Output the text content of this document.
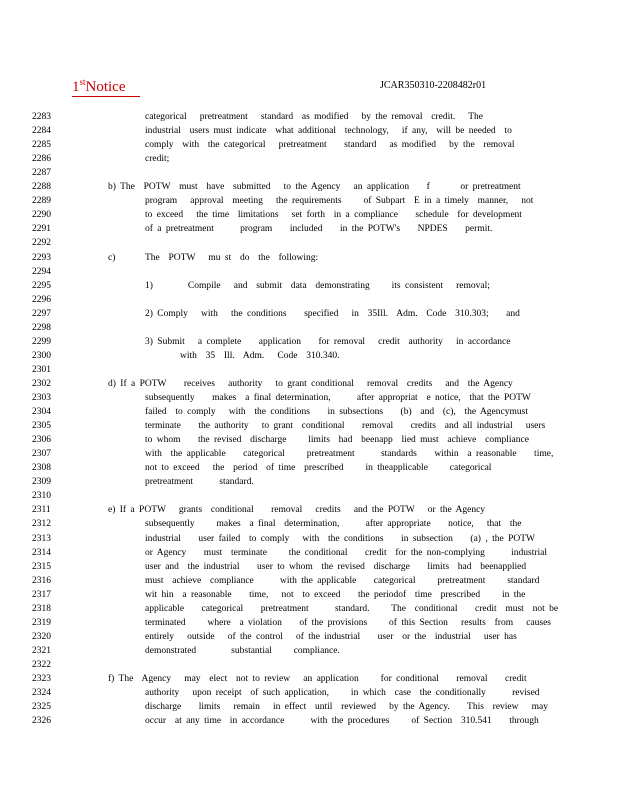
1stNotice	JCAR350310-2208482r01
2283	categorical   pretreatment   standard  as modified   by the removal  credit.   The
2284	industrial  users must indicate  what additional  technology,   if any,  will be needed  to
2285	comply  with  the categorical   pretreatment    standard   as modified   by the  removal
2286	credit;
2287
2288	b) The  POTW  must  have  submitted   to the Agency   an application    f       or pretreatment
2289	program   approval  meeting   the requirements     of Subpart  E in a timely  manner,   not
2290	to exceed   the time  limitations   set forth  in a compliance    schedule  for development
2291	of a pretreatment      program    included    in the POTW's    NPDES    permit.
2292
2293	c)	The  POTW   mu st  do  the  following:
2294
2295	1)        Compile   and  submit  data  demonstrating     its consistent   removal;
2296
2297	2) Comply   with   the conditions    specified   in  35Ill.  Adm.  Code  310.303;    and
2298
2299	3) Submit   a complete    application    for removal   credit  authority   in accordance
2300	with  35  Ill.  Adm.   Code  310.340.
2301
2302	d) If a POTW    receives   authority   to grant conditional   removal  credits   and  the Agency
2303	subsequently    makes  a final determination,      after appropriat  e notice,  that the POTW
2304	failed  to comply   with  the conditions    in subsections    (b)  and  (c),  the Agencymust
2305	terminate    the authority   to grant  conditional    removal    credits  and all industrial   users
2306	to whom    the revised  discharge     limits  had  beenapp  lied must  achieve  compliance
2307	with  the applicable    categorical     pretreatment      standards    within  a reasonable    time,
2308	not to exceed   the  period  of time  prescribed     in theapplicable     categorical
2309	pretreatment      standard.
2310
2311	e) If a POTW   grants  conditional    removal   credits   and the POTW   or the Agency
2312	subsequently     makes  a final  determination,      after appropriate    notice,   that  the
2313	industrial    user failed  to comply   with  the conditions    in subsection    (a) , the POTW
2314	or Agency    must  terminate     the conditional    credit  for the non-complying      industrial
2315	user and  the industrial    user to whom  the revised  discharge    limits  had  beenapplied
2316	must  achieve  compliance      with the applicable    categorical     pretreatment     standard
2317	wit hin  a reasonable    time,   not  to exceed    the periodof  time  prescribed     in the
2318	applicable    categorical    pretreatment      standard.     The  conditional    credit  must  not be
2319	terminated     where  a violation    of the provisions     of this Section   results  from   causes
2320	entirely   outside   of the control   of the industrial    user  or the  industrial   user has
2321	demonstrated        substantial     compliance.
2322
2323	f) The  Agency   may  elect  not to review   an application     for conditional    removal    credit
2324	authority   upon receipt  of such application,     in which  case  the conditionally      revised
2325	discharge    limits   remain   in effect  until  reviewed   by the Agency.    This  review   may
2326	occur  at any time  in accordance      with the procedures     of Section  310.541    through
